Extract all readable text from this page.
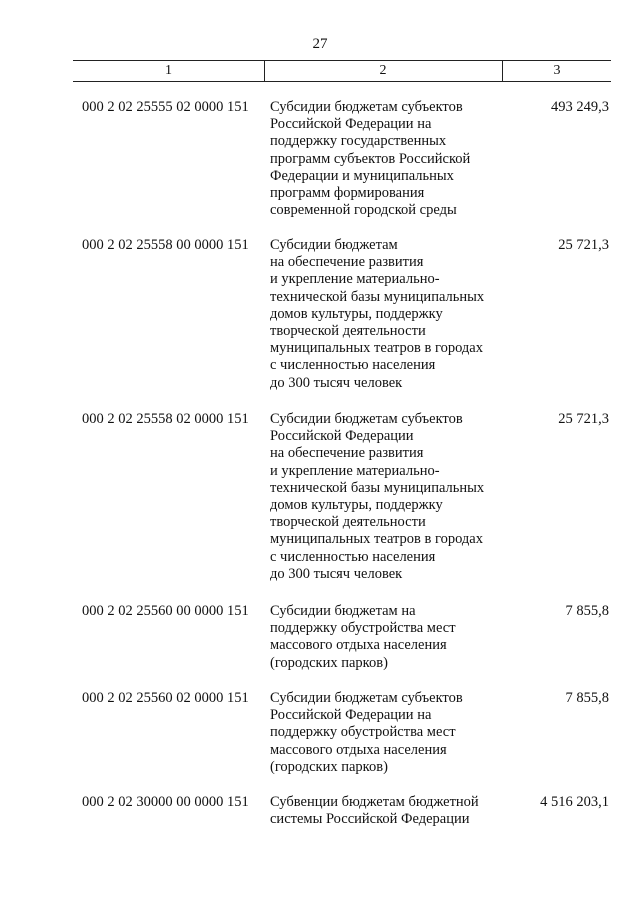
27
1	2	3
000 2 02 25555 02 0000 151 Субсидии бюджетам субъектов
Российской Федерации на
поддержку государственных
программ субъектов Российской
Федерации и муниципальных
программ формирования
современной городской среды
493 249,3
000 2 02 25558 00 0000 151 Субсидии бюджетам
на обеспечение развития
и укрепление материально-
технической базы муниципальных
домов культуры, поддержку
творческой деятельности
муниципальных театров в городах
с численностью населения
до 300 тысяч человек
25 721,3
000 2 02 25558 02 0000 151 Субсидии бюджетам субъектов
Российской Федерации
на обеспечение развития
и укрепление материально-
технической базы муниципальных
домов культуры, поддержку
творческой деятельности
муниципальных театров в городах
с численностью населения
до 300 тысяч человек
25 721,3
000 2 02 25560 00 0000 151 Субсидии бюджетам на
поддержку обустройства мест
массового отдыха населения
(городских парков)
7 855,8
000 2 02 25560 02 0000 151 Субсидии бюджетам субъектов
Российской Федерации на
поддержку обустройства мест
массового отдыха населения
(городских парков)
7 855,8
000 2 02 30000 00 0000 151 Субвенции бюджетам бюджетной
системы Российской Федерации
4 516 203,1
